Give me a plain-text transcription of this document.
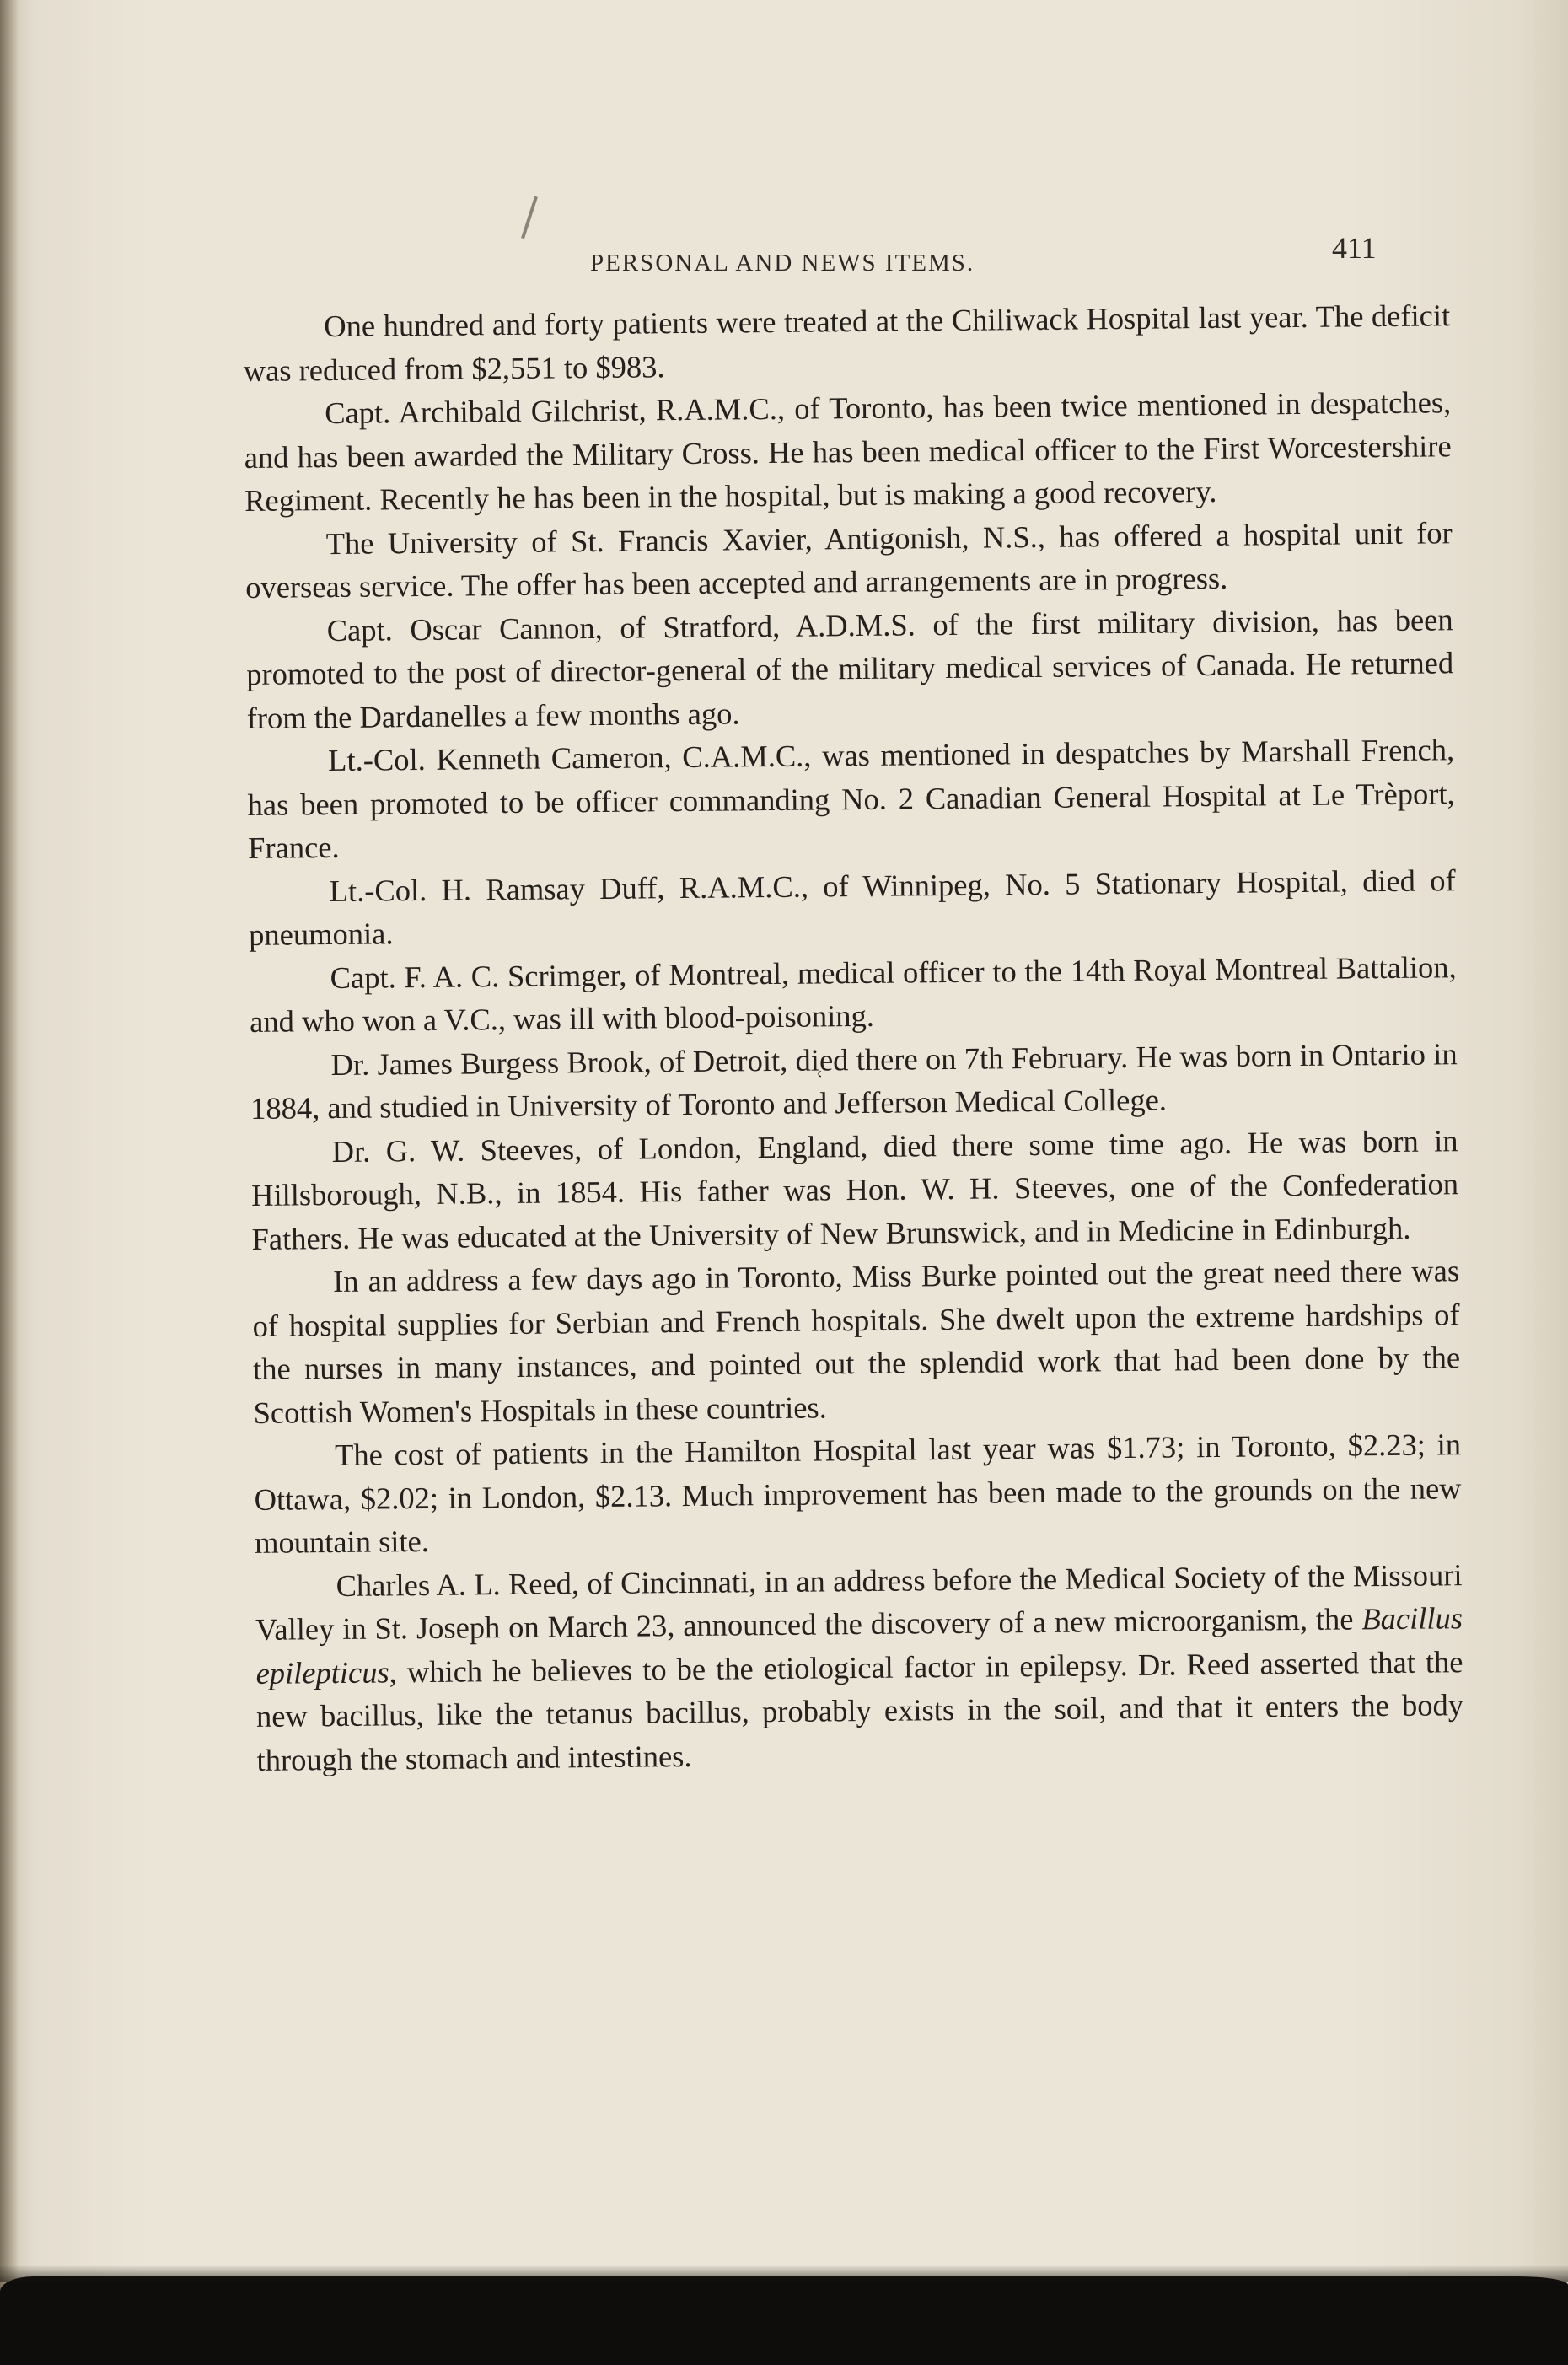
PERSONAL AND NEWS ITEMS.	411

One hundred and forty patients were treated at the Chiliwack Hospital last year. The deficit was reduced from $2,551 to $983.

Capt. Archibald Gilchrist, R.A.M.C., of Toronto, has been twice mentioned in despatches, and has been awarded the Military Cross. He has been medical officer to the First Worcestershire Regiment. Recently he has been in the hospital, but is making a good recovery.

The University of St. Francis Xavier, Antigonish, N.S., has offered a hospital unit for overseas service. The offer has been accepted and arrangements are in progress.

Capt. Oscar Cannon, of Stratford, A.D.M.S. of the first military division, has been promoted to the post of director-general of the military medical services of Canada. He returned from the Dardanelles a few months ago.

Lt.-Col. Kenneth Cameron, C.A.M.C., was mentioned in despatches by Marshall French, has been promoted to be officer commanding No. 2 Canadian General Hospital at Le Trèport, France.

Lt.-Col. H. Ramsay Duff, R.A.M.C., of Winnipeg, No. 5 Stationary Hospital, died of pneumonia.

Capt. F. A. C. Scrimger, of Montreal, medical officer to the 14th Royal Montreal Battalion, and who won a V.C., was ill with blood-poisoning.

Dr. James Burgess Brook, of Detroit, di̜ed there on 7th February. He was born in Ontario in 1884, and studied in University of Toronto and Jefferson Medical College.

Dr. G. W. Steeves, of London, England, died there some time ago. He was born in Hillsborough, N.B., in 1854. His father was Hon. W. H. Steeves, one of the Confederation Fathers. He was educated at the University of New Brunswick, and in Medicine in Edinburgh.

In an address a few days ago in Toronto, Miss Burke pointed out the great need there was of hospital supplies for Serbian and French hospitals. She dwelt upon the extreme hardships of the nurses in many instances, and pointed out the splendid work that had been done by the Scottish Women's Hospitals in these countries.

The cost of patients in the Hamilton Hospital last year was $1.73; in Toronto, $2.23; in Ottawa, $2.02; in London, $2.13. Much improvement has been made to the grounds on the new mountain site.

Charles A. L. Reed, of Cincinnati, in an address before the Medical Society of the Missouri Valley in St. Joseph on March 23, announced the discovery of a new microorganism, the Bacillus epilepticus, which he believes to be the etiological factor in epilepsy. Dr. Reed asserted that the new bacillus, like the tetanus bacillus, probably exists in the soil, and that it enters the body through the stomach and intestines.
